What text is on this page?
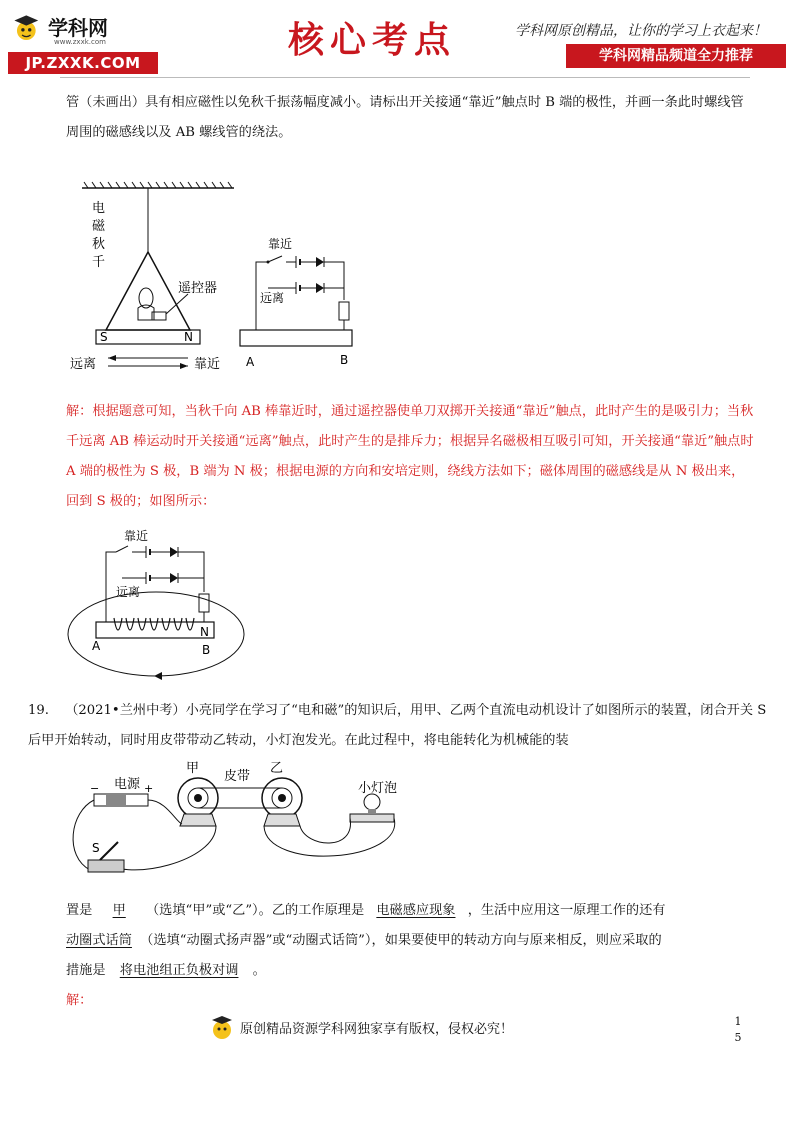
学科网
www.zxxk.com
JP.ZXXK.COM
核心考点	学科网原创精品，让你的学习上衣起来！
学科网精品频道全力推荐
管（未画出）具有相应磁性以免秋千振荡幅度减小。请标出开关接通“靠近”触点时 B 端的极性，并画一条此时螺线管周围的磁感线以及 AB 螺线管的绕法。
S	N
电
磁
秋
千
遥控器
远离	靠近
靠近
远离
A	B
解：根据题意可知，当秋千向 AB 棒靠近时，通过遥控器使单刀双掷开关接通“靠近”触点，此时产生的是吸引力；当秋千远离 AB 棒运动时开关接通“远离”触点，此时产生的是排斥力；根据异名磁极相互吸引可知，开关接通“靠近”触点时 A 端的极性为 S 极，B 端为 N 极；根据电源的方向和安培定则，绕线方法如下；磁体周围的磁感线是从 N 极出来，回到 S 极的；如图所示：
靠近
远离
A
N
B
19. （2021•兰州中考）小亮同学在学习了“电和磁”的知识后，用甲、乙两个直流电动机设计了如图所示的装置，闭合开关 S 后甲开始转动，同时用皮带带动乙转动，小灯泡发光。在此过程中，将电能转化为机械能的装
电源
−	+
甲
皮带
乙
小灯泡
S
置是 甲 （选填“甲”或“乙”）。乙的工作原理是 电磁感应现象 ，生活中应用这一原理工作的还有
动圈式话筒 （选填“动圈式扬声器”或“动圈式话筒”），如果要使甲的转动方向与原来相反，则应采取的
措施是 将电池组正负极对调 。
解：
原创精品资源学科网独家享有版权，侵权必究！
1
5
